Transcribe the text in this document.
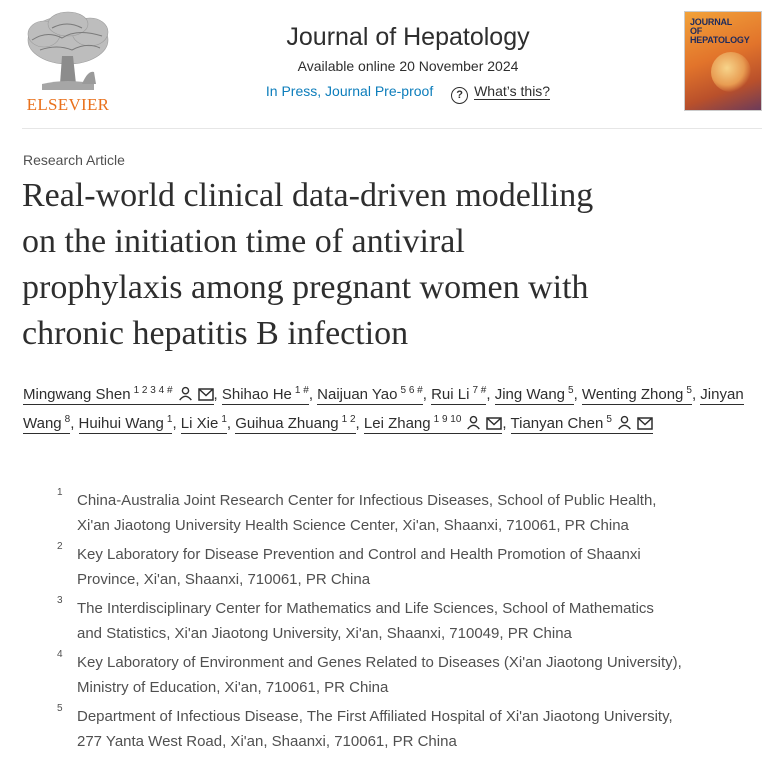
ELSEVIER
Journal of Hepatology
Available online 20 November 2024
In Press, Journal Pre-proof ? What’s this?
JOURNAL
OF HEPATOLOGY
Research Article
Real-world clinical data-driven modelling
on the initiation time of antiviral
prophylaxis among pregnant women with
chronic hepatitis B infection
Mingwang Shen $^{1 2 3 4 \#}$	, Shihao He $^{1 \#}$, Naijuan Yao $^{5 6 \#}$, Rui Li $^{7 \#}$, Jing Wang $^5$, Wenting Zhong $^5$, Jinyan Wang $^8$, Huihui Wang $^1$, Li Xie $^1$, Guihua Zhuang $^{1 2}$, Lei Zhang $^{1 9 10}$	, Tianyan Chen $^5$
1 China-Australia Joint Research Center for Infectious Diseases, School of Public Health,
Xi'an Jiaotong University Health Science Center, Xi'an, Shaanxi, 710061, PR China
2 Key Laboratory for Disease Prevention and Control and Health Promotion of Shaanxi
Province, Xi'an, Shaanxi, 710061, PR China
3 The Interdisciplinary Center for Mathematics and Life Sciences, School of Mathematics
and Statistics, Xi'an Jiaotong University, Xi'an, Shaanxi, 710049, PR China
4 Key Laboratory of Environment and Genes Related to Diseases (Xi'an Jiaotong University),
Ministry of Education, Xi'an, 710061, PR China
5 Department of Infectious Disease, The First Affiliated Hospital of Xi'an Jiaotong University,
277 Yanta West Road, Xi'an, Shaanxi, 710061, PR China
